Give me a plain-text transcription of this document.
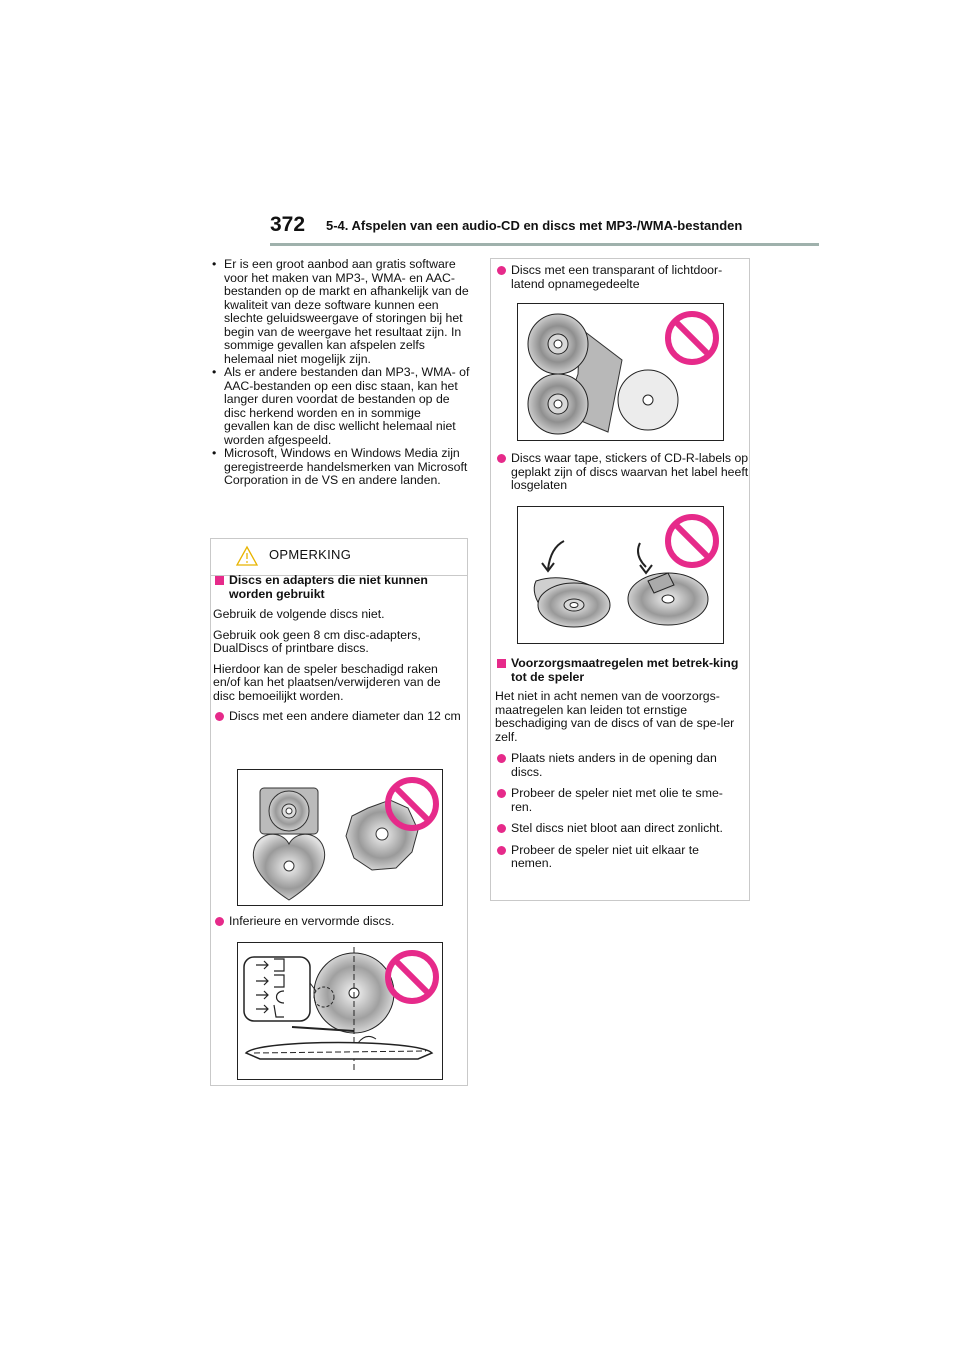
372 5-4. Afspelen van een audio-CD en discs met MP3-/WMA-bestanden
• Er is een groot aanbod aan gratis software voor het maken van MP3-, WMA- en AAC-bestanden op de markt en afhankelijk van de kwaliteit van deze software kunnen een slechte geluidsweergave of storingen bij het begin van de weergave het resultaat zijn. In sommige gevallen kan afspelen zelfs helemaal niet mogelijk zijn.
• Als er andere bestanden dan MP3-, WMA- of AAC-bestanden op een disc staan, kan het langer duren voordat de bestanden op de disc herkend worden en in sommige gevallen kan de disc wellicht helemaal niet worden afgespeeld.
• Microsoft, Windows en Windows Media zijn geregistreerde handelsmerken van Microsoft Corporation in de VS en andere landen.
OPMERKING
Discs en adapters die niet kunnen worden gebruikt
Gebruik de volgende discs niet.
Gebruik ook geen 8 cm disc-adapters, DualDiscs of printbare discs.
Hierdoor kan de speler beschadigd raken en/of kan het plaatsen/verwijderen van de disc bemoeilijkt worden.
Discs met een andere diameter dan 12 cm
Inferieure en vervormde discs.
Discs met een transparant of lichtdoor-latend opnamegedeelte
Discs waar tape, stickers of CD-R-labels op geplakt zijn of discs waarvan het label heeft losgelaten
Voorzorgsmaatregelen met betrek-king tot de speler
Het niet in acht nemen van de voorzorgs-maatregelen kan leiden tot ernstige beschadiging van de discs of van de spe-ler zelf.
Plaats niets anders in de opening dan discs.
Probeer de speler niet met olie te sme-ren.
Stel discs niet bloot aan direct zonlicht.
Probeer de speler niet uit elkaar te nemen.
